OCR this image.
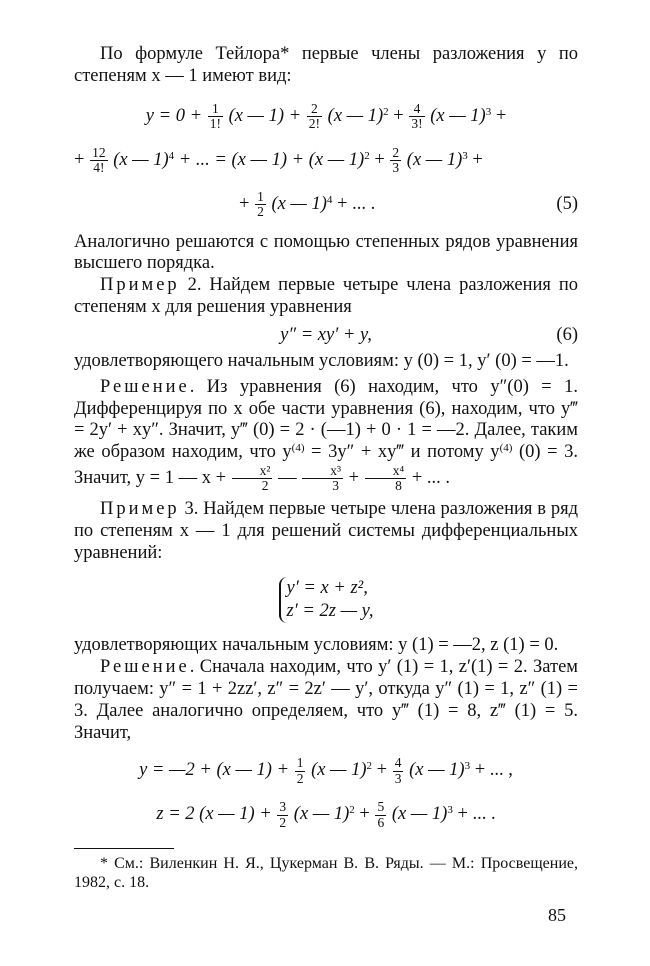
По формуле Тейлора* первые члены разложения y по степеням x — 1 имеют вид:

$y = 0 + \frac{1}{1!} (x$ — $1) + \frac{2}{2!} (x$ — $1)^2 + \frac{4}{3!} (x$ — 1)$^3$ +
+ $\frac{12}{4!} (x$ — 1)$^4$ + ... = (x — 1) + (x — $1)^2 + \frac{2}{3} (x$ — 1)$^3$ +
+ $\frac{1}{2} (x$ — 1)$^4$ + ... .	(5)

Аналогично решаются с помощью степенных рядов уравнения высшего порядка.

Пример 2. Найдем первые четыре члена разложения по степеням x для решения уравнения

y″ = xy′ + y,	(6)

удовлетворяющего начальным условиям: y (0) = 1, y′ (0) = —1.

Решение. Из уравнения (6) находим, что y″(0) = 1. Дифференцируя по x обе части уравнения (6), находим, что y‴ = 2y′ + xy″. Значит, y‴ (0) = 2 · (—1) + 0 · 1 = —2. Далее, таким же образом находим, что $y^{(4)} = 3y''$ + xy‴ и потому $y^{(4)}$ (0) = 3. Значит, y = 1 — $x + \frac{\text{x²}}{2}$ — $\frac{\text{x³}}{3} + \frac{\text{x⁴}}{8}$ + ... .

Пример 3. Найдем первые четыре члена разложения в ряд по степеням x — 1 для решений системы дифференциальных уравнений:

y′ = x + z²,
z′ = 2z — y,

удовлетворяющих начальным условиям: y (1) = —2, z (1) = 0.

Решение. Сначала находим, что y′ (1) = 1, z′(1) = 2. Затем получаем: y″ = 1 + 2zz′, z″ = 2z′ — y′, откуда y″ (1) = 1, z″ (1) = 3. Далее аналогично определяем, что y‴ (1) = 8, z‴ (1) = 5. Значит,

y = —2 + (x — $1) + \frac{1}{2} (x$ — $1)^2 + \frac{4}{3} (x$ — 1)$^3$ + ... ,
z = 2 (x — $1) + \frac{3}{2} (x$ — $1)^2 + \frac{5}{6} (x$ — 1)$^3$ + ... .

* См.: Виленкин Н. Я., Цукерман В. В. Ряды. — М.: Просвещение, 1982, с. 18.

85
